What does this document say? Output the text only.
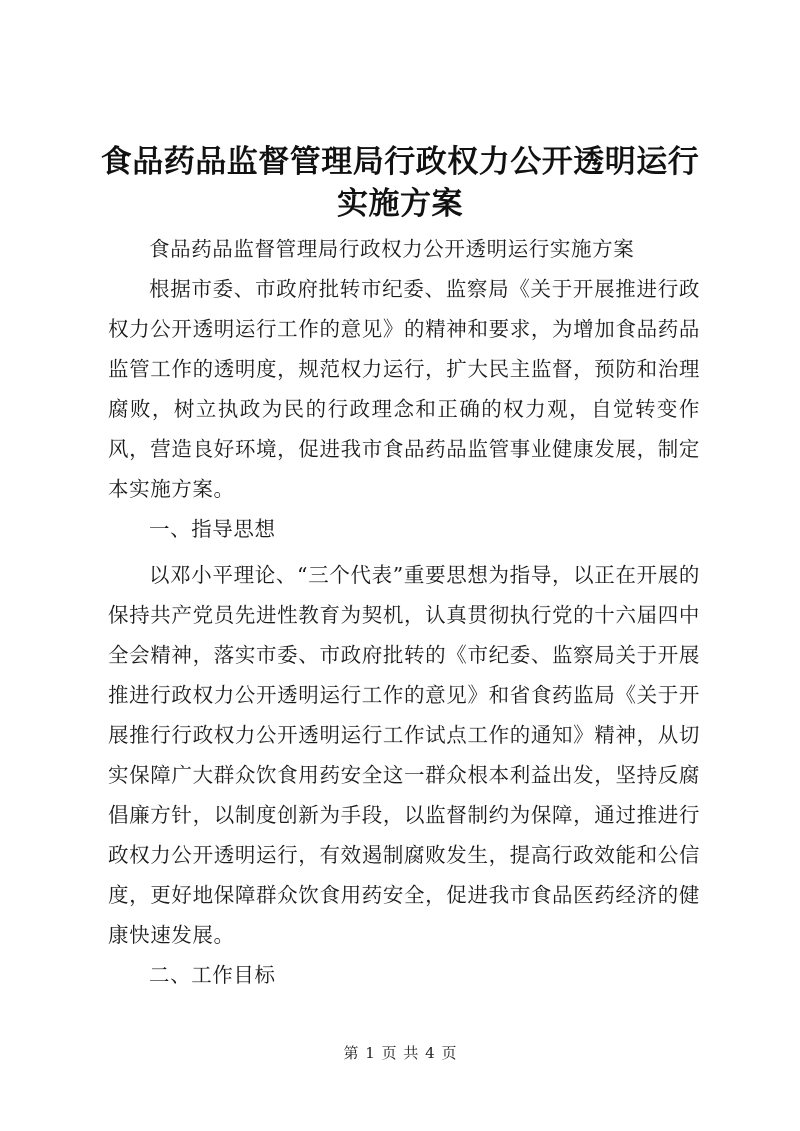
食品药品监督管理局行政权力公开透明运行实施方案

食品药品监督管理局行政权力公开透明运行实施方案

根据市委、市政府批转市纪委、监察局《关于开展推进行政权力公开透明运行工作的意见》的精神和要求，为增加食品药品监管工作的透明度，规范权力运行，扩大民主监督，预防和治理腐败，树立执政为民的行政理念和正确的权力观，自觉转变作风，营造良好环境，促进我市食品药品监管事业健康发展，制定本实施方案。

一、指导思想

以邓小平理论、“三个代表”重要思想为指导，以正在开展的保持共产党员先进性教育为契机，认真贯彻执行党的十六届四中全会精神，落实市委、市政府批转的《市纪委、监察局关于开展推进行政权力公开透明运行工作的意见》和省食药监局《关于开展推行行政权力公开透明运行工作试点工作的通知》精神，从切实保障广大群众饮食用药安全这一群众根本利益出发，坚持反腐倡廉方针，以制度创新为手段，以监督制约为保障，通过推进行政权力公开透明运行，有效遏制腐败发生，提高行政效能和公信度，更好地保障群众饮食用药安全，促进我市食品医药经济的健康快速发展。

二、工作目标

第 1 页 共 4 页
